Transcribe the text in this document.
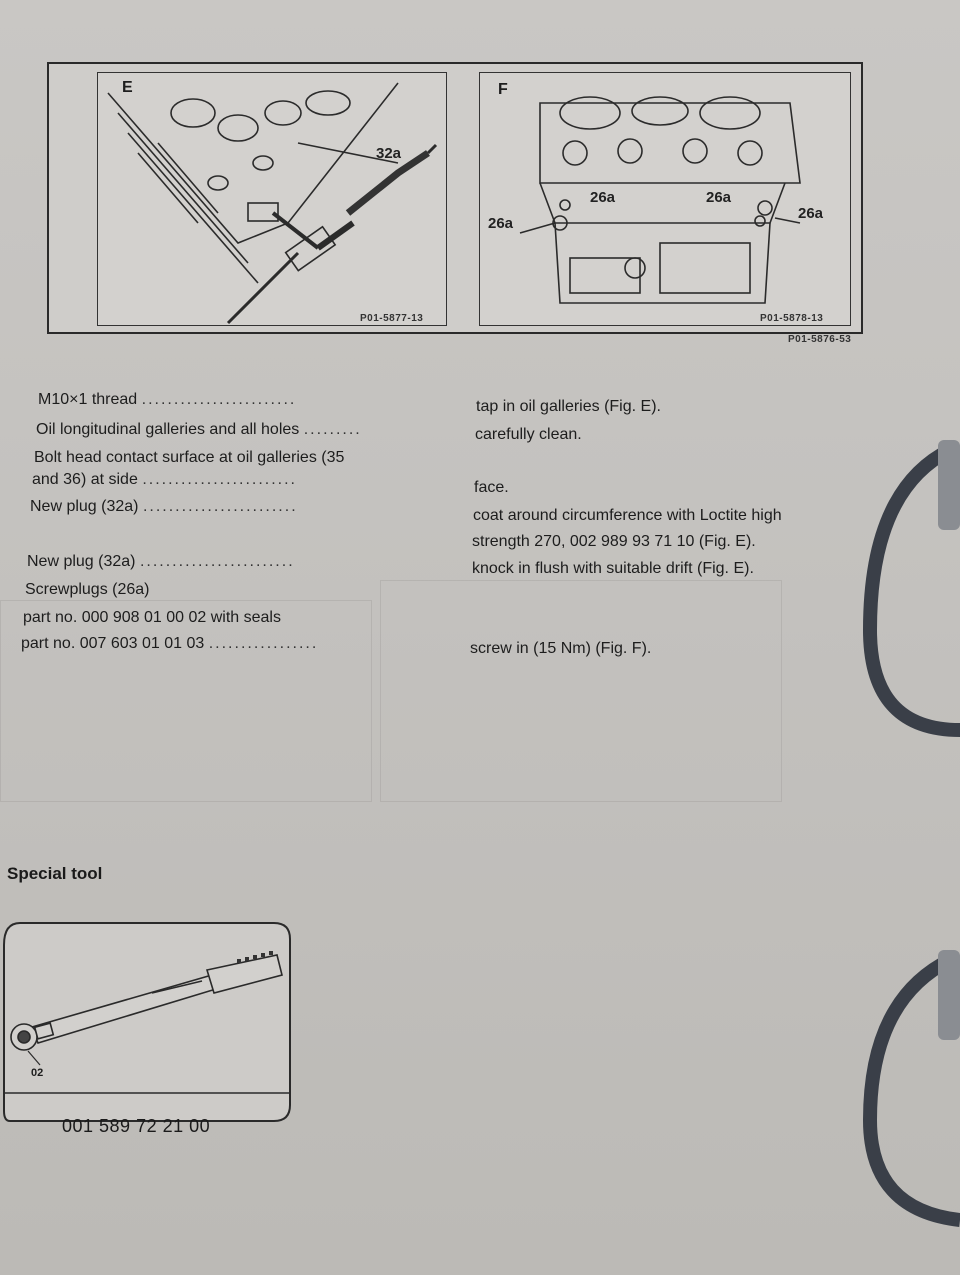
E
32a
P01-5877-13
F
26a	26a
26a
26a
P01-5878-13
P01-5876-53
M10×1 thread ........................
Oil longitudinal galleries and all holes .........
Bolt head contact surface at oil galleries (35
and 36) at side ........................
New plug (32a) ........................
New plug (32a) ........................
Screwplugs (26a)
part no. 000 908 01 00 02 with seals
part no. 007 603 01 01 03 .................
tap in oil galleries (Fig. E).
carefully clean.
face.
coat around circumference with Loctite high
strength 270, 002 989 93 71 10 (Fig. E).
knock in flush with suitable drift (Fig. E).
screw in (15 Nm) (Fig. F).
Special tool
02
001 589 72 21 00
